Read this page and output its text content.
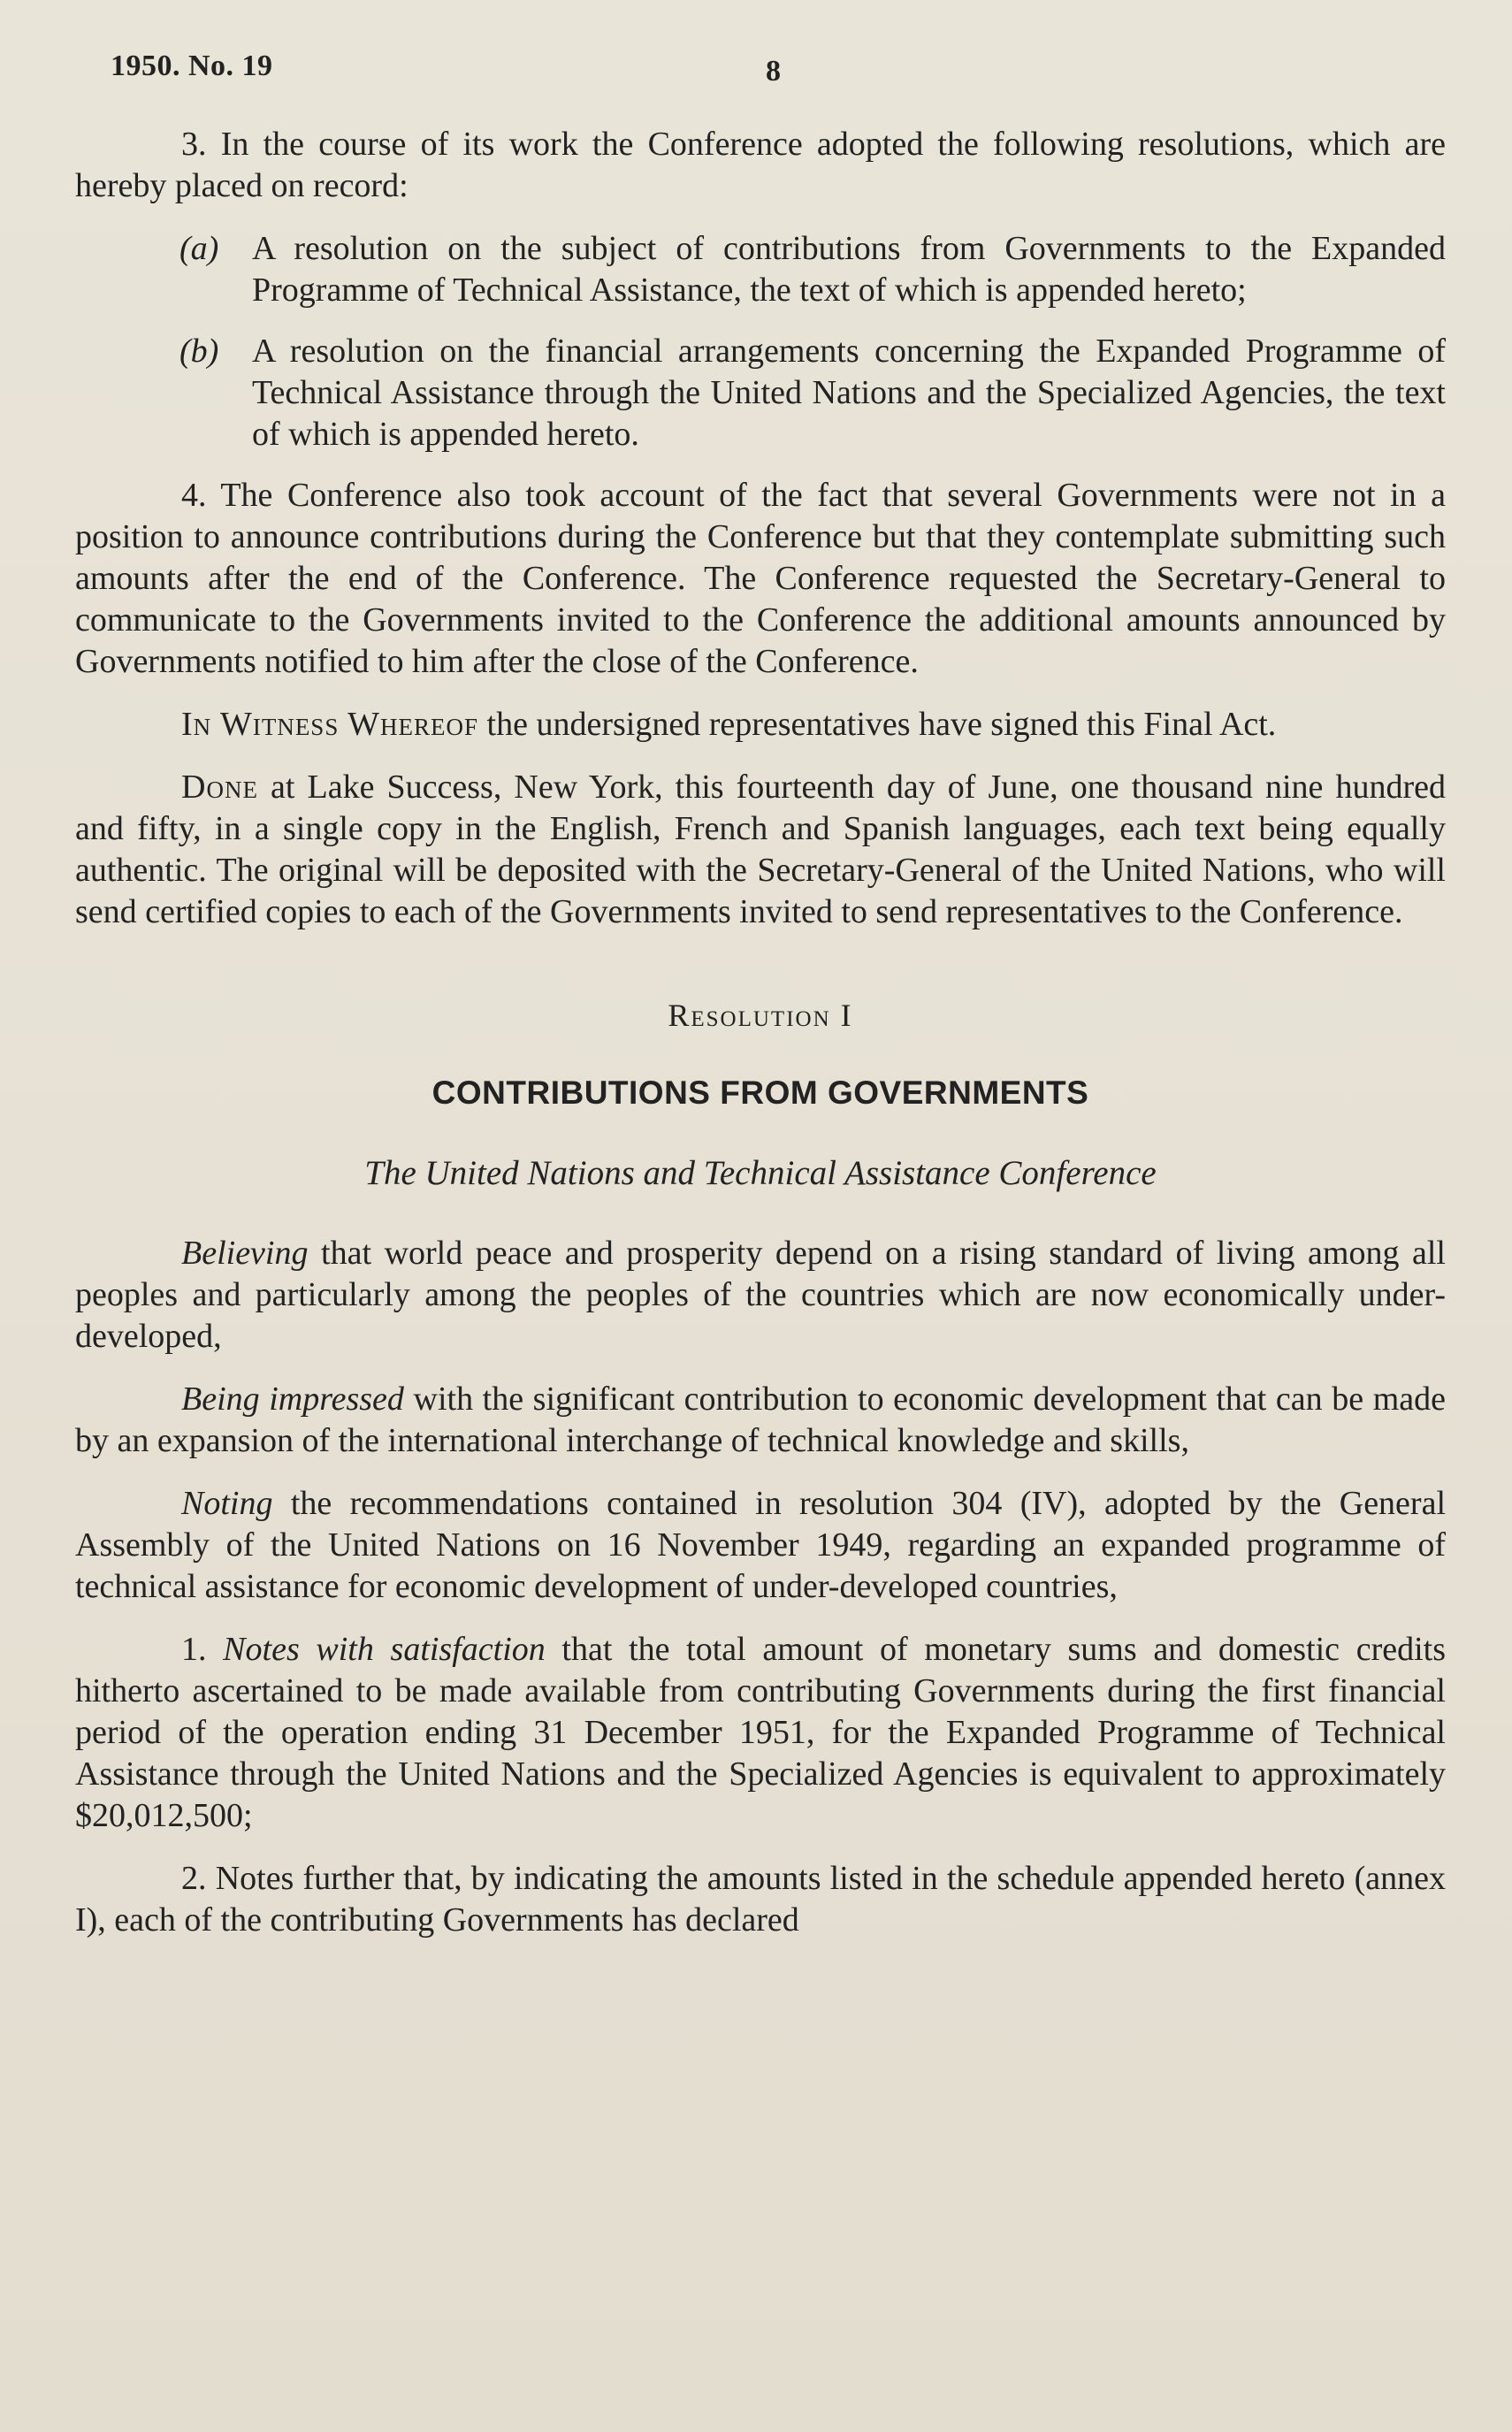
1950. No. 19	8

3. In the course of its work the Conference adopted the following resolutions, which are hereby placed on record:

(a) A resolution on the subject of contributions from Governments to the Expanded Programme of Technical Assistance, the text of which is appended hereto;

(b) A resolution on the financial arrangements concerning the Expanded Programme of Technical Assistance through the United Nations and the Specialized Agencies, the text of which is appended hereto.

4. The Conference also took account of the fact that several Governments were not in a position to announce contributions during the Conference but that they contemplate submitting such amounts after the end of the Conference. The Conference requested the Secretary-General to communicate to the Governments invited to the Conference the additional amounts announced by Governments notified to him after the close of the Conference.

In Witness Whereof the undersigned representatives have signed this Final Act.

Done at Lake Success, New York, this fourteenth day of June, one thousand nine hundred and fifty, in a single copy in the English, French and Spanish languages, each text being equally authentic. The original will be deposited with the Secretary-General of the United Nations, who will send certified copies to each of the Governments invited to send representatives to the Conference.

Resolution I
CONTRIBUTIONS FROM GOVERNMENTS
The United Nations and Technical Assistance Conference

Believing that world peace and prosperity depend on a rising standard of living among all peoples and particularly among the peoples of the countries which are now economically under-developed,

Being impressed with the significant contribution to economic development that can be made by an expansion of the international interchange of technical knowledge and skills,

Noting the recommendations contained in resolution 304 (IV), adopted by the General Assembly of the United Nations on 16 November 1949, regarding an expanded programme of technical assistance for economic development of under-developed countries,

1. Notes with satisfaction that the total amount of monetary sums and domestic credits hitherto ascertained to be made available from contributing Governments during the first financial period of the operation ending 31 December 1951, for the Expanded Programme of Technical Assistance through the United Nations and the Specialized Agencies is equivalent to approximately $20,012,500;

2. Notes further that, by indicating the amounts listed in the schedule appended hereto (annex I), each of the contributing Governments has declared
